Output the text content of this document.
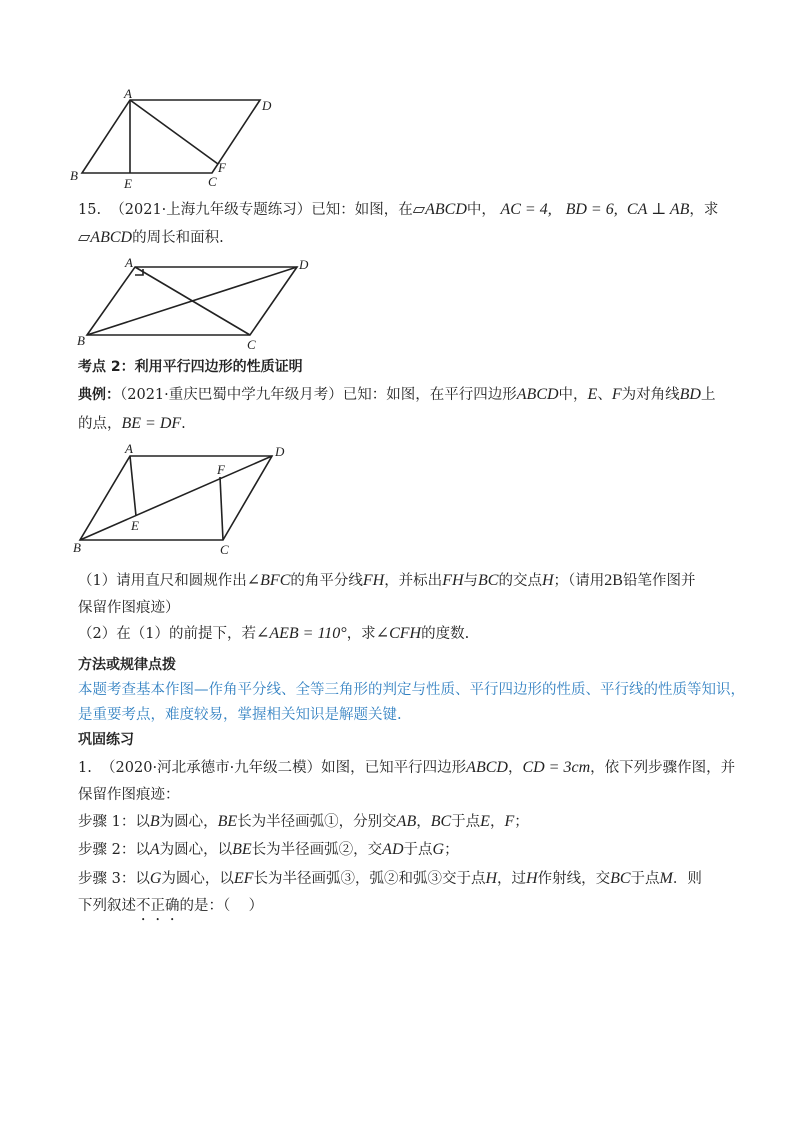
A
D
B
E	C
F
15.  （2021·上海九年级专题练习）已知：如图，在▱ABCD中， AC = 4, BD = 6, CA ⊥ AB，求
▱ABCD的周长和面积.
A	D
B	C
考点 2：利用平行四边形的性质证明
典例：（2021·重庆巴蜀中学九年级月考）已知：如图，在平行四边形ABCD中，E、F为对角线BD上
的点，BE = DF.
A	D
F
E
B	C
（1）请用直尺和圆规作出∠BFC的角平分线FH，并标出FH与BC的交点H；（请用2B铅笔作图并
保留作图痕迹）
（2）在（1）的前提下，若∠AEB = 110°，求∠CFH的度数.
方法或规律点拨
本题考查基本作图—作角平分线、全等三角形的判定与性质、平行四边形的性质、平行线的性质等知识，
是重要考点，难度较易，掌握相关知识是解题关键.
巩固练习
1.  （2020·河北承德市·九年级二模）如图，已知平行四边形ABCD，CD = 3cm，依下列步骤作图，并
保留作图痕迹：
步骤 1：以B为圆心，BE长为半径画弧①，分别交AB，BC于点E，F；
步骤 2：以A为圆心，以BE长为半径画弧②，交AD于点G；
步骤 3：以G为圆心，以EF长为半径画弧③，弧②和弧③交于点H，过H作射线，交BC于点M．则
下列叙述不正确的是：（    ）
